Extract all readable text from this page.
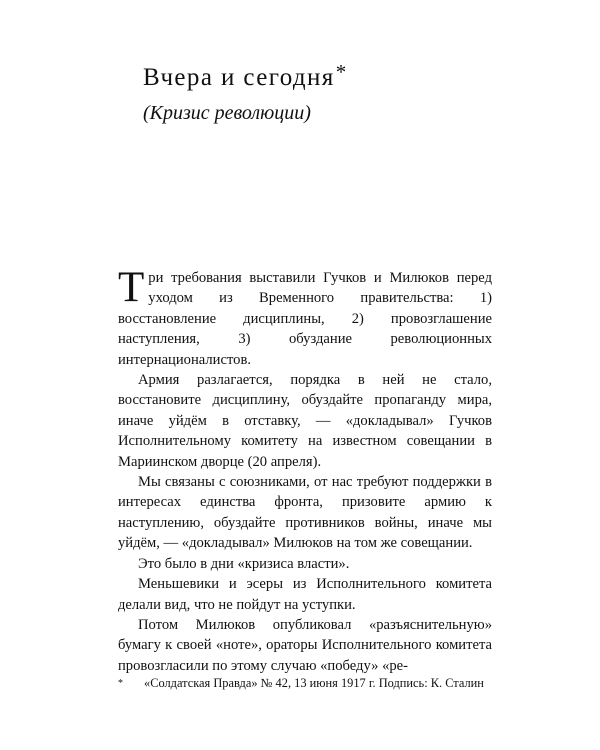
Вчера и сегодня*
(Кризис революции)

Три требования выставили Гучков и Милюков перед уходом из Временного правительства: 1) восстановление дисциплины, 2) провозглашение наступления, 3) обуздание революционных интернационалистов.

Армия разлагается, порядка в ней не стало, восстановите дисциплину, обуздайте пропаганду мира, иначе уйдём в отставку, — «докладывал» Гучков Исполнительному комитету на известном совещании в Мариинском дворце (20 апреля).

Мы связаны с союзниками, от нас требуют поддержки в интересах единства фронта, призовите армию к наступлению, обуздайте противников войны, иначе мы уйдём, — «докладывал» Милюков на том же совещании.

Это было в дни «кризиса власти».

Меньшевики и эсеры из Исполнительного комитета делали вид, что не пойдут на уступки.

Потом Милюков опубликовал «разъяснительную» бумагу к своей «ноте», ораторы Исполнительного комитета провозгласили по этому случаю «победу» «ре-

* «Солдатская Правда» № 42, 13 июня 1917 г. Подпись: К. Сталин
